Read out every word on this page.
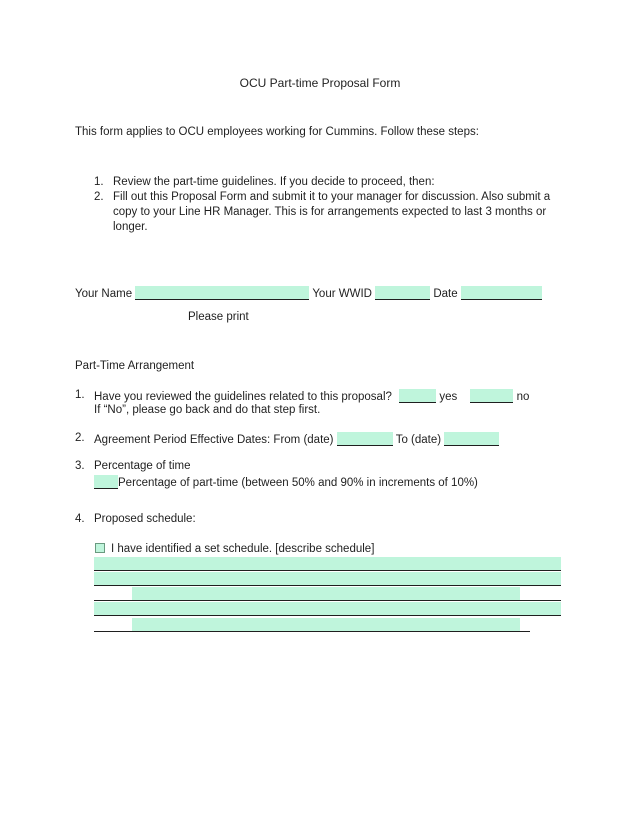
OCU Part-time Proposal Form
This form applies to OCU employees working for Cummins. Follow these steps:
1. Review the part-time guidelines. If you decide to proceed, then:
2. Fill out this Proposal Form and submit it to your manager for discussion. Also submit a
copy to your Line HR Manager. This is for arrangements expected to last 3 months or
longer.
Your Name	Your WWID	Date
Please print
Part-Time Arrangement
1. Have you reviewed the guidelines related to this proposal?	yes	no
If “No”, please go back and do that step first.
2. Agreement Period Effective Dates: From (date)	To (date)
3. Percentage of time
Percentage of part-time (between 50% and 90% in increments of 10%)
4. Proposed schedule:
I have identified a set schedule. [describe schedule]
